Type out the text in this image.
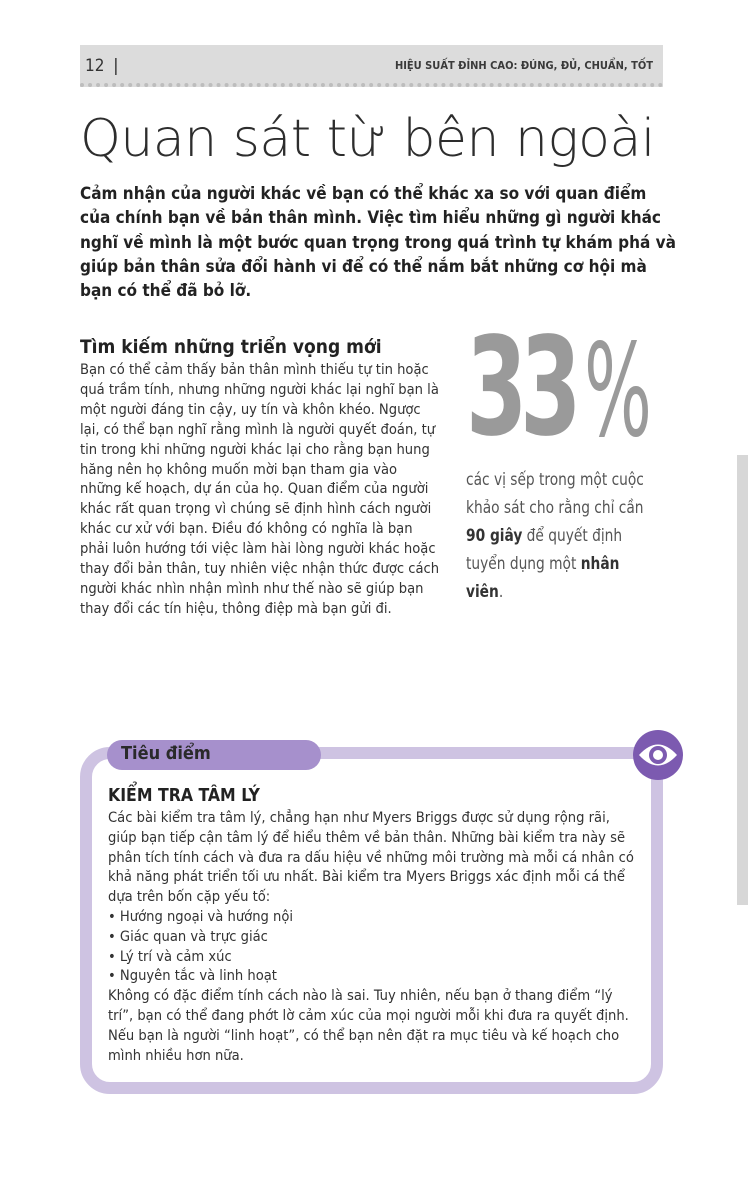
12 |	HIỆU SUẤT ĐỈNH CAO: ĐÚNG, ĐỦ, CHUẨN, TỐT
Quan sát từ bên ngoài

Cảm nhận của người khác về bạn có thể khác xa so với quan điểm của chính bạn về bản thân mình. Việc tìm hiểu những gì người khác nghĩ về mình là một bước quan trọng trong quá trình tự khám phá và giúp bản thân sửa đổi hành vi để có thể nắm bắt những cơ hội mà bạn có thể đã bỏ lỡ.

Tìm kiếm những triển vọng mới

Bạn có thể cảm thấy bản thân mình thiếu tự tin hoặc quá trầm tính, nhưng những người khác lại nghĩ bạn là một người đáng tin cậy, uy tín và khôn khéo. Ngược lại, có thể bạn nghĩ rằng mình là người quyết đoán, tự tin trong khi những người khác lại cho rằng bạn hung hăng nên họ không muốn mời bạn tham gia vào những kế hoạch, dự án của họ. Quan điểm của người khác rất quan trọng vì chúng sẽ định hình cách người khác cư xử với bạn. Điều đó không có nghĩa là bạn phải luôn hướng tới việc làm hài lòng người khác hoặc thay đổi bản thân, tuy nhiên việc nhận thức được cách người khác nhìn nhận mình như thế nào sẽ giúp bạn thay đổi các tín hiệu, thông điệp mà bạn gửi đi.

33 %
các vị sếp trong một cuộc khảo sát cho rằng chỉ cần 90 giây để quyết định tuyển dụng một nhân viên.
Tiêu điểm
KIỂM TRA TÂM LÝ

Các bài kiểm tra tâm lý, chẳng hạn như Myers Briggs được sử dụng rộng rãi, giúp bạn tiếp cận tâm lý để hiểu thêm về bản thân. Những bài kiểm tra này sẽ phân tích tính cách và đưa ra dấu hiệu về những môi trường mà mỗi cá nhân có khả năng phát triển tối ưu nhất. Bài kiểm tra Myers Briggs xác định mỗi cá thể dựa trên bốn cặp yếu tố:

• Hướng ngoại và hướng nội
• Giác quan và trực giác
• Lý trí và cảm xúc
• Nguyên tắc và linh hoạt

Không có đặc điểm tính cách nào là sai. Tuy nhiên, nếu bạn ở thang điểm “lý trí”, bạn có thể đang phớt lờ cảm xúc của mọi người mỗi khi đưa ra quyết định. Nếu bạn là người “linh hoạt”, có thể bạn nên đặt ra mục tiêu và kế hoạch cho mình nhiều hơn nữa.
